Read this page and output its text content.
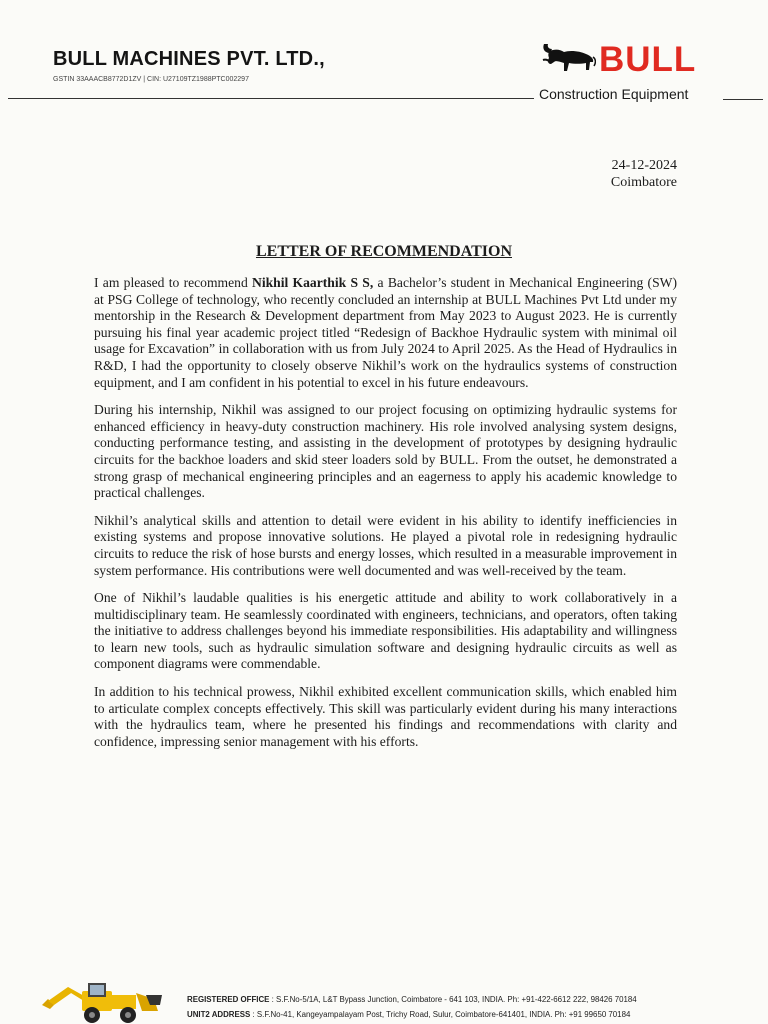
BULL MACHINES PVT. LTD.,
GSTIN 33AAACB8772D1ZV | CIN: U27109TZ1988PTC002297
BULL
Construction Equipment
24-12-2024
Coimbatore
LETTER OF RECOMMENDATION

I am pleased to recommend Nikhil Kaarthik S S, a Bachelor’s student in Mechanical Engineering (SW) at PSG College of technology, who recently concluded an internship at BULL Machines Pvt Ltd under my mentorship in the Research & Development department from May 2023 to August 2023. He is currently pursuing his final year academic project titled “Redesign of Backhoe Hydraulic system with minimal oil usage for Excavation” in collaboration with us from July 2024 to April 2025. As the Head of Hydraulics in R&D, I had the opportunity to closely observe Nikhil’s work on the hydraulics systems of construction equipment, and I am confident in his potential to excel in his future endeavours.

During his internship, Nikhil was assigned to our project focusing on optimizing hydraulic systems for enhanced efficiency in heavy-duty construction machinery. His role involved analysing system designs, conducting performance testing, and assisting in the development of prototypes by designing hydraulic circuits for the backhoe loaders and skid steer loaders sold by BULL. From the outset, he demonstrated a strong grasp of mechanical engineering principles and an eagerness to apply his academic knowledge to practical challenges.

Nikhil’s analytical skills and attention to detail were evident in his ability to identify inefficiencies in existing systems and propose innovative solutions. He played a pivotal role in redesigning hydraulic circuits to reduce the risk of hose bursts and energy losses, which resulted in a measurable improvement in system performance. His contributions were well documented and was well-received by the team.

One of Nikhil’s laudable qualities is his energetic attitude and ability to work collaboratively in a multidisciplinary team. He seamlessly coordinated with engineers, technicians, and operators, often taking the initiative to address challenges beyond his immediate responsibilities. His adaptability and willingness to learn new tools, such as hydraulic simulation software and designing hydraulic circuits as well as component diagrams were commendable.

In addition to his technical prowess, Nikhil exhibited excellent communication skills, which enabled him to articulate complex concepts effectively. This skill was particularly evident during his many interactions with the hydraulics team, where he presented his findings and recommendations with clarity and confidence, impressing senior management with his efforts.

REGISTERED OFFICE : S.F.No-5/1A, L&T Bypass Junction, Coimbatore - 641 103, INDIA. Ph: +91-422-6612 222, 98426 70184
UNIT2 ADDRESS : S.F.No-41, Kangeyampalayam Post, Trichy Road, Sulur, Coimbatore-641401, INDIA. Ph: +91 99650 70184
